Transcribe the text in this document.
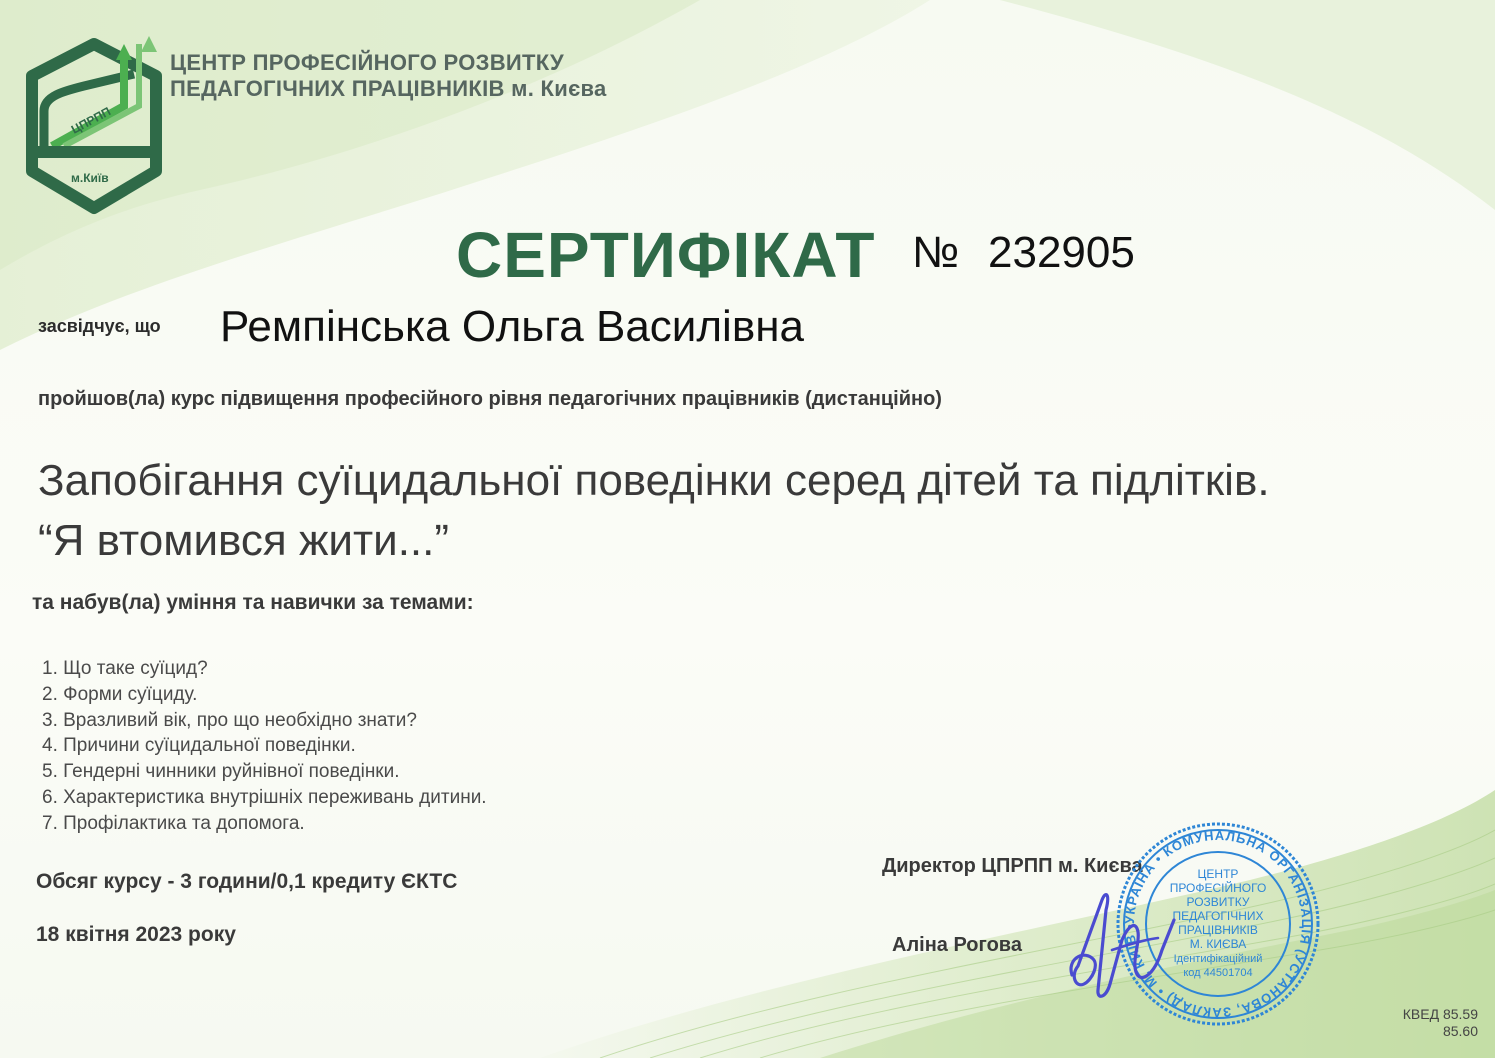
ЦПРПП
м.Київ
ЦЕНТР ПРОФЕСІЙНОГО РОЗВИТКУ
ПЕДАГОГІЧНИХ ПРАЦІВНИКІВ м. Києва
СЕРТИФІКАТ № 232905
засвідчує, що Ремпінська Ольга Василівна
пройшов(ла) курс підвищення професійного рівня педагогічних працівників (дистанційно)
Запобігання суїцидальної поведінки серед дітей та підлітків.
“Я втомився жити...”
та набув(ла) уміння та навички за темами:
1. Що таке суїцид?
2. Форми суїциду.
3. Вразливий вік, про що необхідно знати?
4. Причини суїцидальної поведінки.
5. Гендерні чинники руйнівної поведінки.
6. Характеристика внутрішніх переживань дитини.
7. Профілактика та допомога.
Обсяг курсу - 3 години/0,1 кредиту ЄКТС
18 квітня 2023 року
Директор ЦПРПП м. Києва
Аліна Рогова
УКРАЇНА • КОМУНАЛЬНА ОРГАНІЗАЦІЯ (УСТАНОВА, ЗАКЛАД) • М. КИЇВ •
ЦЕНТР
ПРОФЕСІЙНОГО
РОЗВИТКУ
ПЕДАГОГІЧНИХ
ПРАЦІВНИКІВ
М. КИЄВА
Ідентифікаційний
код 44501704
КВЕД 85.59
85.60
